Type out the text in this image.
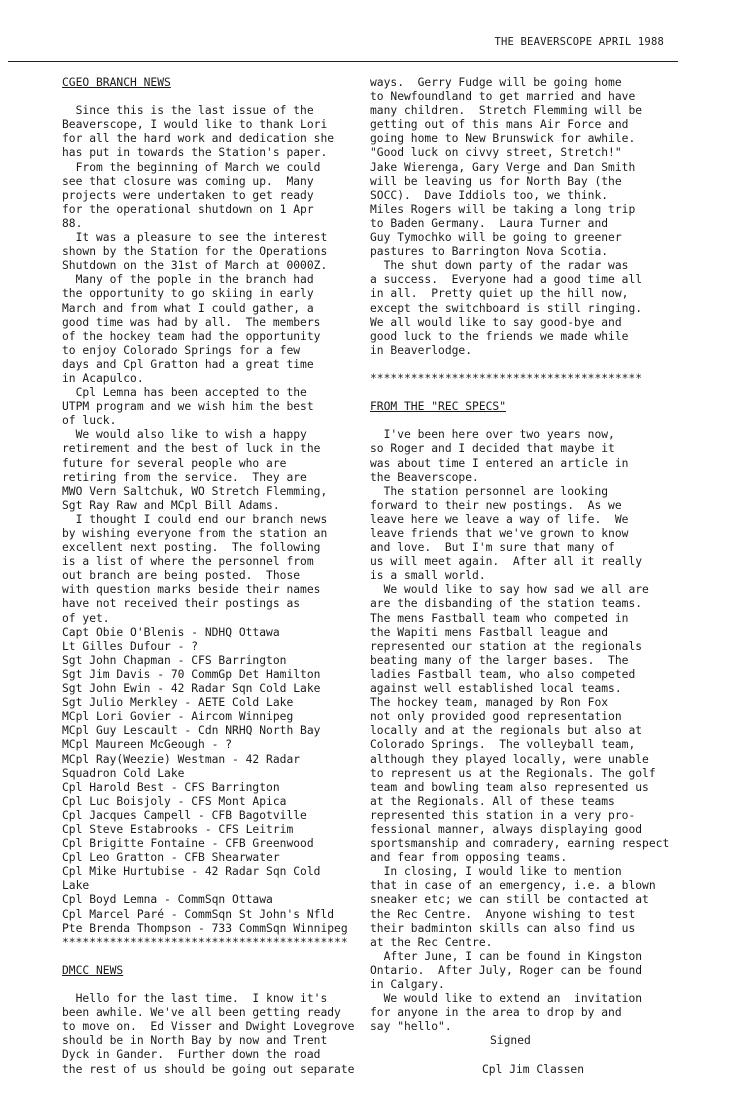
THE BEAVERSCOPE APRIL 1988
CGEO BRANCH NEWS
Since this is the last issue of the
Beaverscope, I would like to thank Lori
for all the hard work and dedication she
has put in towards the Station's paper.
From the beginning of March we could
see that closure was coming up.  Many
projects were undertaken to get ready
for the operational shutdown on 1 Apr
88.
It was a pleasure to see the interest
shown by the Station for the Operations
Shutdown on the 31st of March at 0000Z.
Many of the pople in the branch had
the opportunity to go skiing in early
March and from what I could gather, a
good time was had by all.  The members
of the hockey team had the opportunity
to enjoy Colorado Springs for a few
days and Cpl Gratton had a great time
in Acapulco.
Cpl Lemna has been accepted to the
UTPM program and we wish him the best
of luck.
We would also like to wish a happy
retirement and the best of luck in the
future for several people who are
retiring from the service.  They are
MWO Vern Saltchuk, WO Stretch Flemming,
Sgt Ray Raw and MCpl Bill Adams.
I thought I could end our branch news
by wishing everyone from the station an
excellent next posting.  The following
is a list of where the personnel from
out branch are being posted.  Those
with question marks beside their names
have not received their postings as
of yet.
Capt Obie O'Blenis - NDHQ Ottawa
Lt Gilles Dufour - ?
Sgt John Chapman - CFS Barrington
Sgt Jim Davis - 70 CommGp Det Hamilton
Sgt John Ewin - 42 Radar Sqn Cold Lake
Sgt Julio Merkley - AETE Cold Lake
MCpl Lori Govier - Aircom Winnipeg
MCpl Guy Lescault - Cdn NRHQ North Bay
MCpl Maureen McGeough - ?
MCpl Ray(Weezie) Westman - 42 Radar
Squadron Cold Lake
Cpl Harold Best - CFS Barrington
Cpl Luc Boisjoly - CFS Mont Apica
Cpl Jacques Campell - CFB Bagotville
Cpl Steve Estabrooks - CFS Leitrim
Cpl Brigitte Fontaine - CFB Greenwood
Cpl Leo Gratton - CFB Shearwater
Cpl Mike Hurtubise - 42 Radar Sqn Cold
Lake
Cpl Boyd Lemna - CommSqn Ottawa
Cpl Marcel Paré - CommSqn St John's Nfld
Pte Brenda Thompson - 733 CommSqn Winnipeg
******************************************
DMCC NEWS
Hello for the last time.  I know it's
been awhile. We've all been getting ready
to move on.  Ed Visser and Dwight Lovegrove
should be in North Bay by now and Trent
Dyck in Gander.  Further down the road
the rest of us should be going out separate
ways.  Gerry Fudge will be going home
to Newfoundland to get married and have
many children.  Stretch Flemming will be
getting out of this mans Air Force and
going home to New Brunswick for awhile.
"Good luck on civvy street, Stretch!"
Jake Wierenga, Gary Verge and Dan Smith
will be leaving us for North Bay (the
SOCC).  Dave Iddiols too, we think.
Miles Rogers will be taking a long trip
to Baden Germany.  Laura Turner and
Guy Tymochko will be going to greener
pastures to Barrington Nova Scotia.
The shut down party of the radar was
a success.  Everyone had a good time all
in all.  Pretty quiet up the hill now,
except the switchboard is still ringing.
We all would like to say good-bye and
good luck to the friends we made while
in Beaverlodge.
****************************************
FROM THE "REC SPECS"
I've been here over two years now,
so Roger and I decided that maybe it
was about time I entered an article in
the Beaverscope.
The station personnel are looking
forward to their new postings.  As we
leave here we leave a way of life.  We
leave friends that we've grown to know
and love.  But I'm sure that many of
us will meet again.  After all it really
is a small world.
We would like to say how sad we all are
are the disbanding of the station teams.
The mens Fastball team who competed in
the Wapiti mens Fastball league and
represented our station at the regionals
beating many of the larger bases.  The
ladies Fastball team, who also competed
against well established local teams.
The hockey team, managed by Ron Fox
not only provided good representation
locally and at the regionals but also at
Colorado Springs.  The volleyball team,
although they played locally, were unable
to represent us at the Regionals. The golf
team and bowling team also represented us
at the Regionals. All of these teams
represented this station in a very pro-
fessional manner, always displaying good
sportsmanship and comradery, earning respect
and fear from opposing teams.
In closing, I would like to mention
that in case of an emergency, i.e. a blown
sneaker etc; we can still be contacted at
the Rec Centre.  Anyone wishing to test
their badminton skills can also find us
at the Rec Centre.
After June, I can be found in Kingston
Ontario.  After July, Roger can be found
in Calgary.
We would like to extend an  invitation
for anyone in the area to drop by and
say "hello".
Signed
Cpl Jim Classen
